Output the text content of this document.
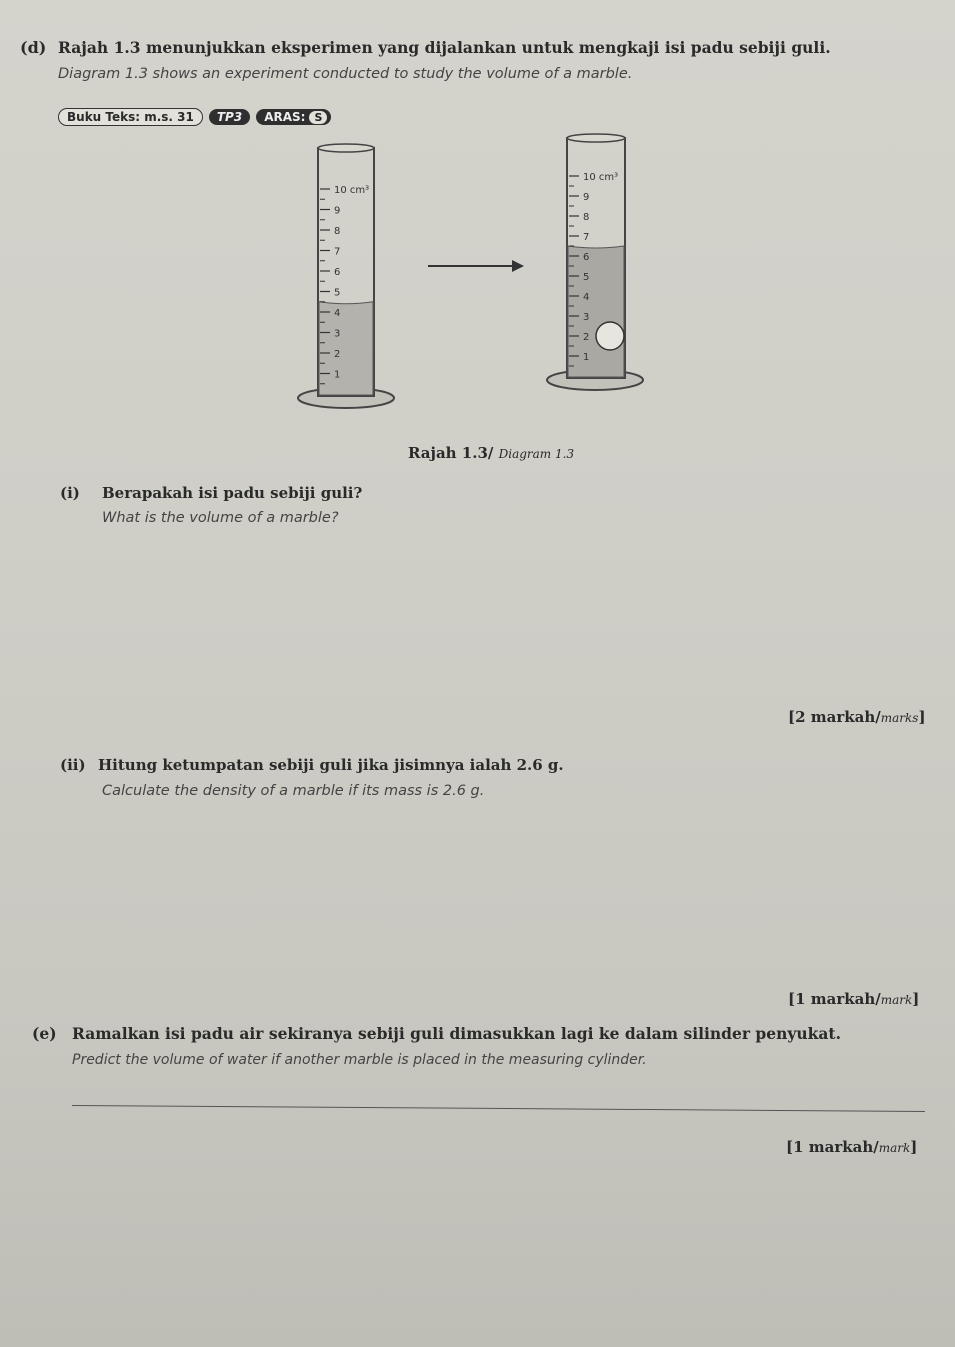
(d) Rajah 1.3 menunjukkan eksperimen yang dijalankan untuk mengkaji isi padu sebiji guli.
Diagram 1.3 shows an experiment conducted to study the volume of a marble.
Buku Teks: m.s. 31	TP3	ARAS: S
10 cm³
9
8
7
6
5
4
3
2
1
10 cm³
9
8
7
6
5
4
3
2
1
Rajah 1.3/ Diagram 1.3
(i) Berapakah isi padu sebiji guli?
What is the volume of a marble?
[2 markah/marks]
(ii) Hitung ketumpatan sebiji guli jika jisimnya ialah 2.6 g.
Calculate the density of a marble if its mass is 2.6 g.
[1 markah/mark]
(e) Ramalkan isi padu air sekiranya sebiji guli dimasukkan lagi ke dalam silinder penyukat.
Predict the volume of water if another marble is placed in the measuring cylinder.
[1 markah/mark]
